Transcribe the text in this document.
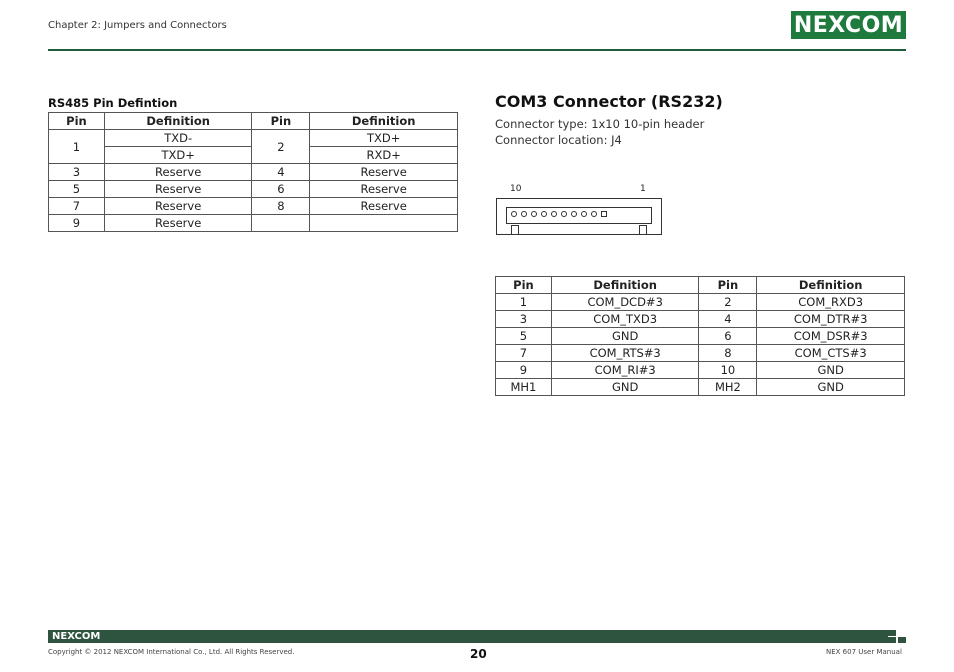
Chapter 2: Jumpers and Connectors	NEXCOM
RS485 Pin Defintion
Pin	Definition	Pin	Definition
1	TXD-	2	TXD+
	TXD+		RXD+
3	Reserve	4	Reserve
5	Reserve	6	Reserve
7	Reserve	8	Reserve
9	Reserve		
COM3 Connector (RS232)
Connector type: 1x10 10-pin header
Connector location: J4
10	1
Pin	Definition	Pin	Definition
1	COM_DCD#3	2	COM_RXD3
3	COM_TXD3	4	COM_DTR#3
5	GND	6	COM_DSR#3
7	COM_RTS#3	8	COM_CTS#3
9	COM_RI#3	10	GND
MH1	GND	MH2	GND
NEXCOM
Copyright © 2012 NEXCOM International Co., Ltd. All Rights Reserved.	20	NEX 607 User Manual
